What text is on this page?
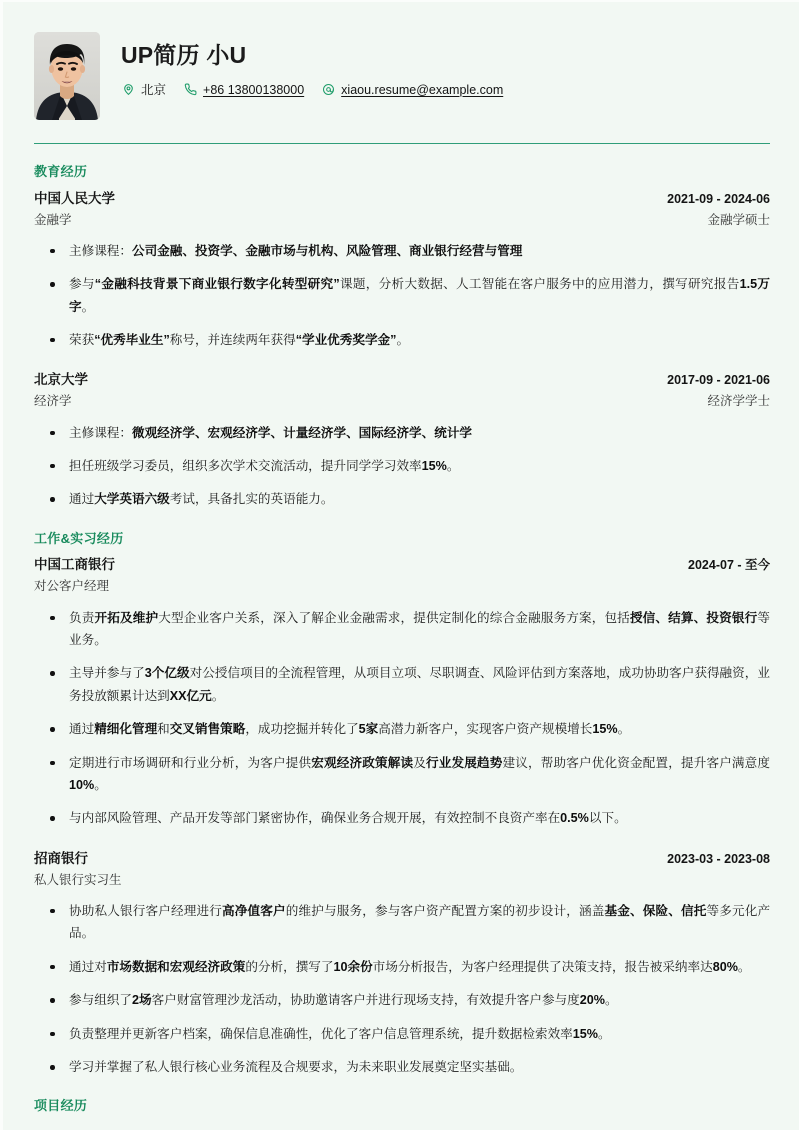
UP简历 小U
北京	+86 13800138000	xiaou.resume@example.com
教育经历
中国人民大学	2021-09 - 2024-06
金融学	金融学硕士
主修课程：公司金融、投资学、金融市场与机构、风险管理、商业银行经营与管理
参与“金融科技背景下商业银行数字化转型研究”课题，分析大数据、人工智能在客户服务中的应用潜力，撰写研究报告1.5万字。
荣获“优秀毕业生”称号，并连续两年获得“学业优秀奖学金”。
北京大学	2017-09 - 2021-06
经济学	经济学学士
主修课程：微观经济学、宏观经济学、计量经济学、国际经济学、统计学
担任班级学习委员，组织多次学术交流活动，提升同学学习效率15%。
通过大学英语六级考试，具备扎实的英语能力。
工作&实习经历
中国工商银行	2024-07 - 至今
对公客户经理
负责开拓及维护大型企业客户关系，深入了解企业金融需求，提供定制化的综合金融服务方案，包括授信、结算、投资银行等业务。
主导并参与了3个亿级对公授信项目的全流程管理，从项目立项、尽职调查、风险评估到方案落地，成功协助客户获得融资，业务投放额累计达到XX亿元。
通过精细化管理和交叉销售策略，成功挖掘并转化了5家高潜力新客户，实现客户资产规模增长15%。
定期进行市场调研和行业分析，为客户提供宏观经济政策解读及行业发展趋势建议，帮助客户优化资金配置，提升客户满意度10%。
与内部风险管理、产品开发等部门紧密协作，确保业务合规开展，有效控制不良资产率在0.5%以下。
招商银行	2023-03 - 2023-08
私人银行实习生
协助私人银行客户经理进行高净值客户的维护与服务，参与客户资产配置方案的初步设计，涵盖基金、保险、信托等多元化产品。
通过对市场数据和宏观经济政策的分析，撰写了10余份市场分析报告，为客户经理提供了决策支持，报告被采纳率达80%。
参与组织了2场客户财富管理沙龙活动，协助邀请客户并进行现场支持，有效提升客户参与度20%。
负责整理并更新客户档案，确保信息准确性，优化了客户信息管理系统，提升数据检索效率15%。
学习并掌握了私人银行核心业务流程及合规要求，为未来职业发展奠定坚实基础。
项目经历
